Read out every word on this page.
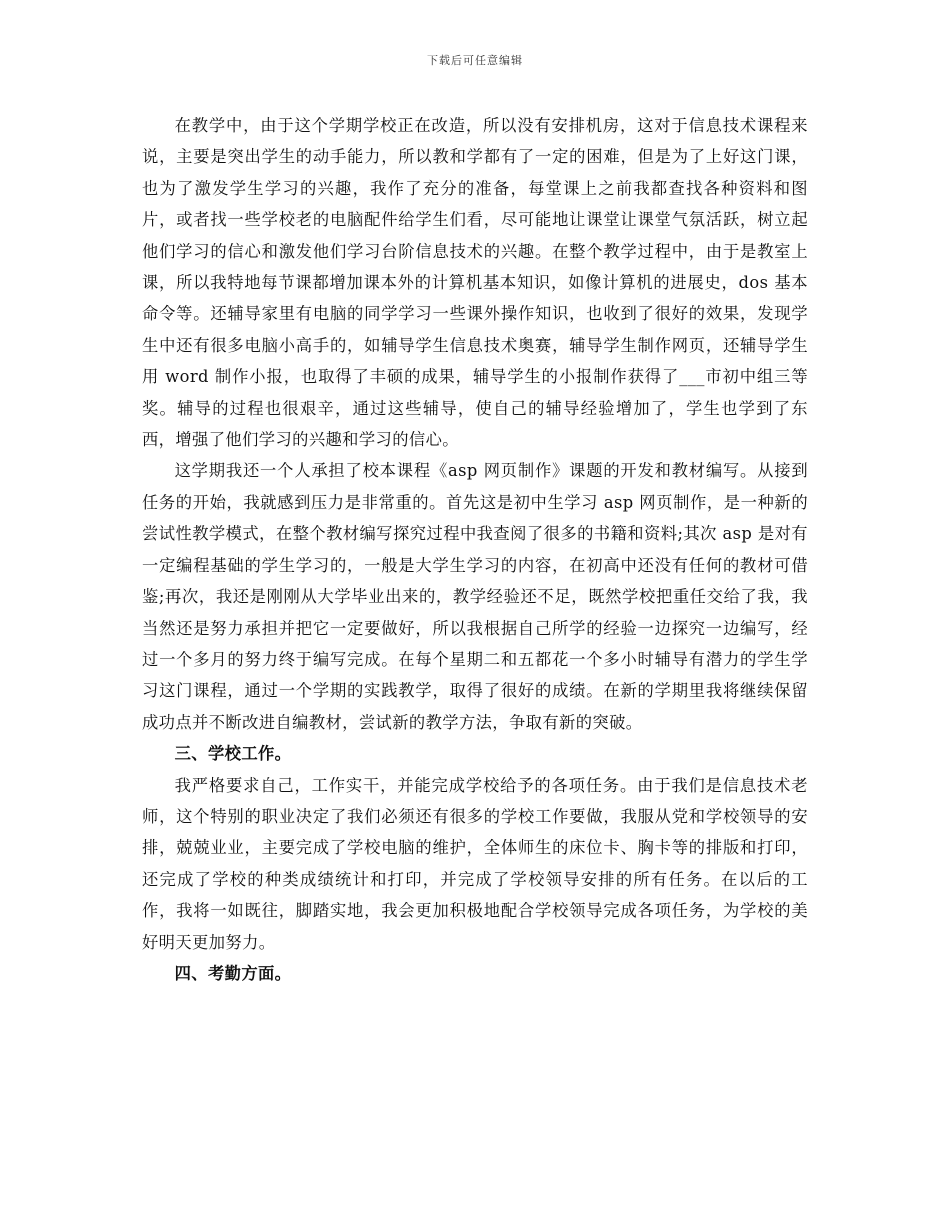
下载后可任意编辑

在教学中，由于这个学期学校正在改造，所以没有安排机房，这对于信息技术课程来说，主要是突出学生的动手能力，所以教和学都有了一定的困难，但是为了上好这门课，也为了激发学生学习的兴趣，我作了充分的准备，每堂课上之前我都查找各种资料和图片，或者找一些学校老的电脑配件给学生们看，尽可能地让课堂让课堂气氛活跃，树立起他们学习的信心和激发他们学习台阶信息技术的兴趣。在整个教学过程中，由于是教室上课，所以我特地每节课都增加课本外的计算机基本知识，如像计算机的进展史，dos 基本命令等。还辅导家里有电脑的同学学习一些课外操作知识，也收到了很好的效果，发现学生中还有很多电脑小高手的，如辅导学生信息技术奥赛，辅导学生制作网页，还辅导学生用 word 制作小报，也取得了丰硕的成果，辅导学生的小报制作获得了___市初中组三等奖。辅导的过程也很艰辛，通过这些辅导，使自己的辅导经验增加了，学生也学到了东西，增强了他们学习的兴趣和学习的信心。

这学期我还一个人承担了校本课程《asp 网页制作》课题的开发和教材编写。从接到任务的开始，我就感到压力是非常重的。首先这是初中生学习 asp 网页制作，是一种新的尝试性教学模式，在整个教材编写探究过程中我查阅了很多的书籍和资料;其次 asp 是对有一定编程基础的学生学习的，一般是大学生学习的内容，在初高中还没有任何的教材可借鉴;再次，我还是刚刚从大学毕业出来的，教学经验还不足，既然学校把重任交给了我，我当然还是努力承担并把它一定要做好，所以我根据自己所学的经验一边探究一边编写，经过一个多月的努力终于编写完成。在每个星期二和五都花一个多小时辅导有潜力的学生学习这门课程，通过一个学期的实践教学，取得了很好的成绩。在新的学期里我将继续保留成功点并不断改进自编教材，尝试新的教学方法，争取有新的突破。

三、学校工作。

我严格要求自己，工作实干，并能完成学校给予的各项任务。由于我们是信息技术老师，这个特别的职业决定了我们必须还有很多的学校工作要做，我服从党和学校领导的安排，兢兢业业，主要完成了学校电脑的维护，全体师生的床位卡、胸卡等的排版和打印，还完成了学校的种类成绩统计和打印，并完成了学校领导安排的所有任务。在以后的工作，我将一如既往，脚踏实地，我会更加积极地配合学校领导完成各项任务，为学校的美好明天更加努力。

四、考勤方面。
